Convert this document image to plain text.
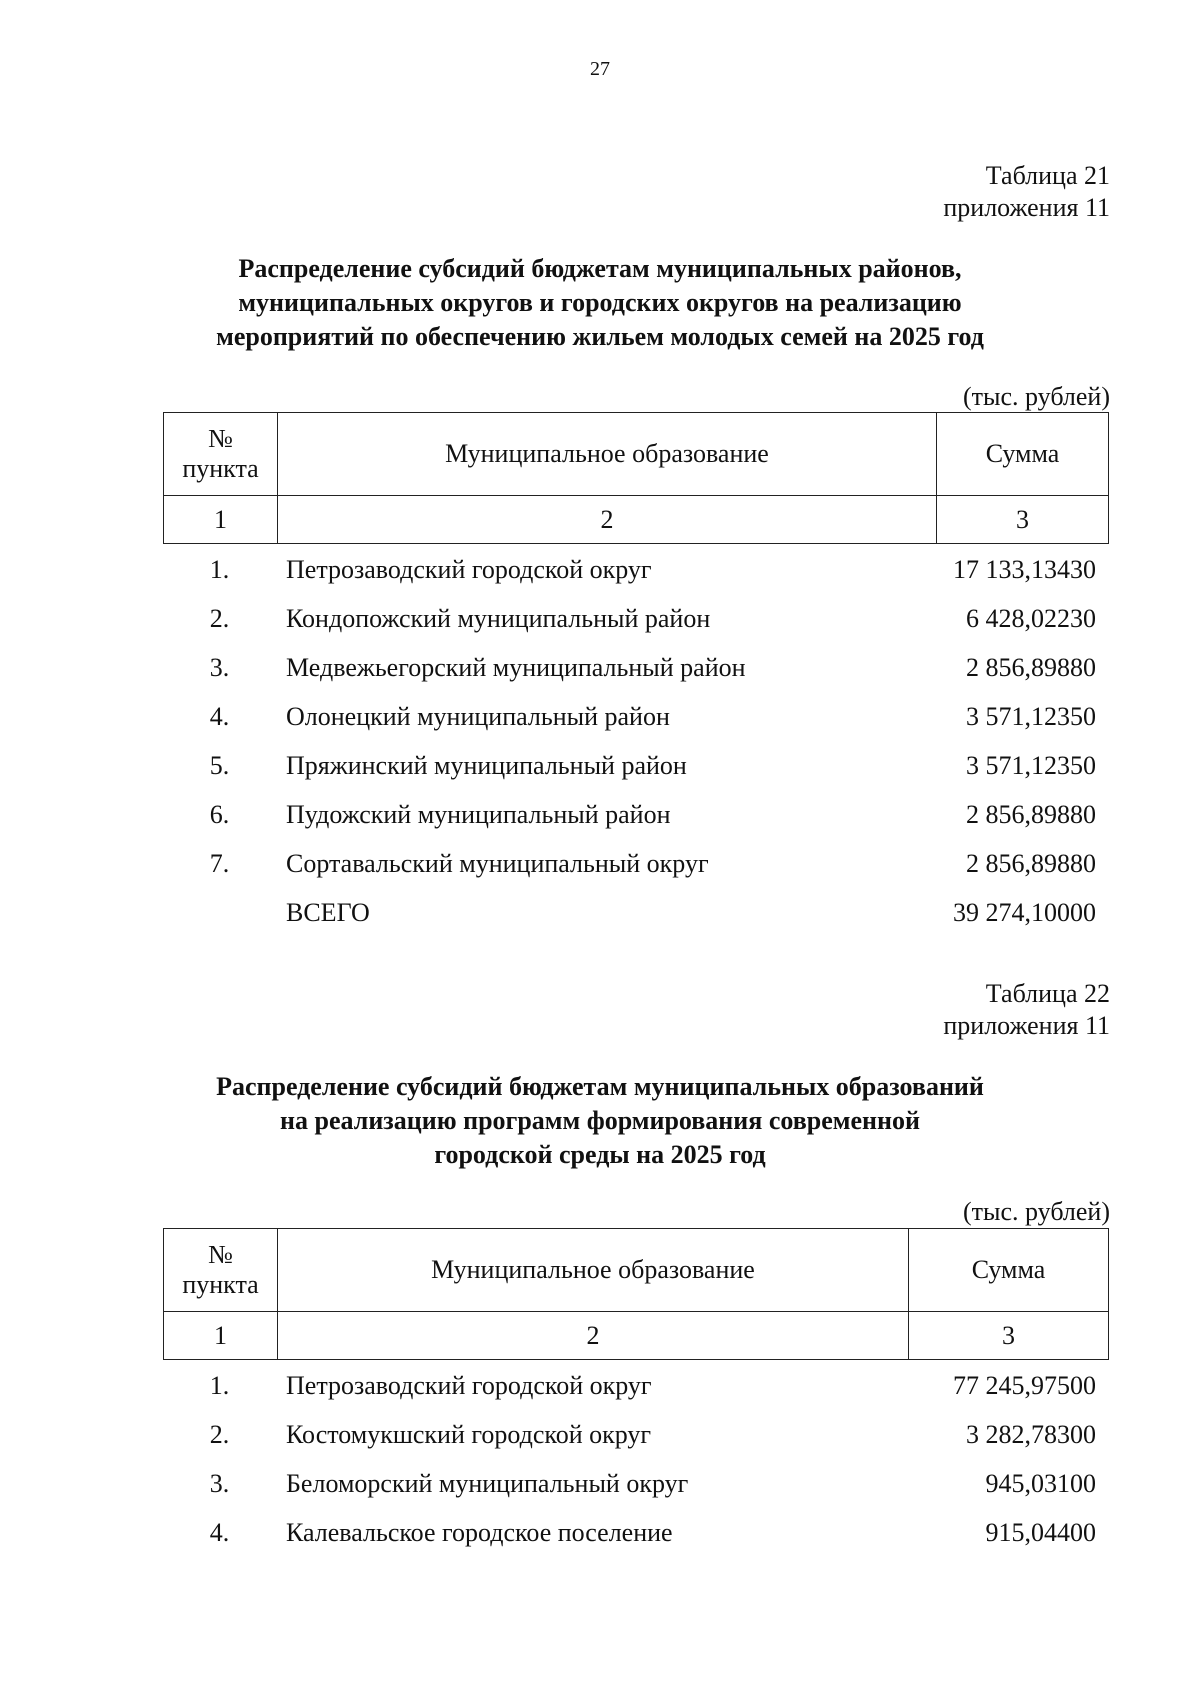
27
Таблица 21
приложения 11
Распределение субсидий бюджетам муниципальных районов,
муниципальных округов и городских округов на реализацию
мероприятий по обеспечению жильем молодых семей на 2025 год
(тыс. рублей)
№
пункта	Муниципальное образование	Сумма
1	2	3
1.	Петрозаводский городской округ	17 133,13430
2.	Кондопожский муниципальный район	6 428,02230
3.	Медвежьегорский муниципальный район	2 856,89880
4.	Олонецкий муниципальный район	3 571,12350
5.	Пряжинский муниципальный район	3 571,12350
6.	Пудожский муниципальный район	2 856,89880
7.	Сортавальский муниципальный округ	2 856,89880
	ВСЕГО	39 274,10000
Таблица 22
приложения 11
Распределение субсидий бюджетам муниципальных образований
на реализацию программ формирования современной
городской среды на 2025 год
(тыс. рублей)
№
пункта	Муниципальное образование	Сумма
1	2	3
1.	Петрозаводский городской округ	77 245,97500
2.	Костомукшский городской округ	3 282,78300
3.	Беломорский муниципальный округ	945,03100
4.	Калевальское городское поселение	915,04400
